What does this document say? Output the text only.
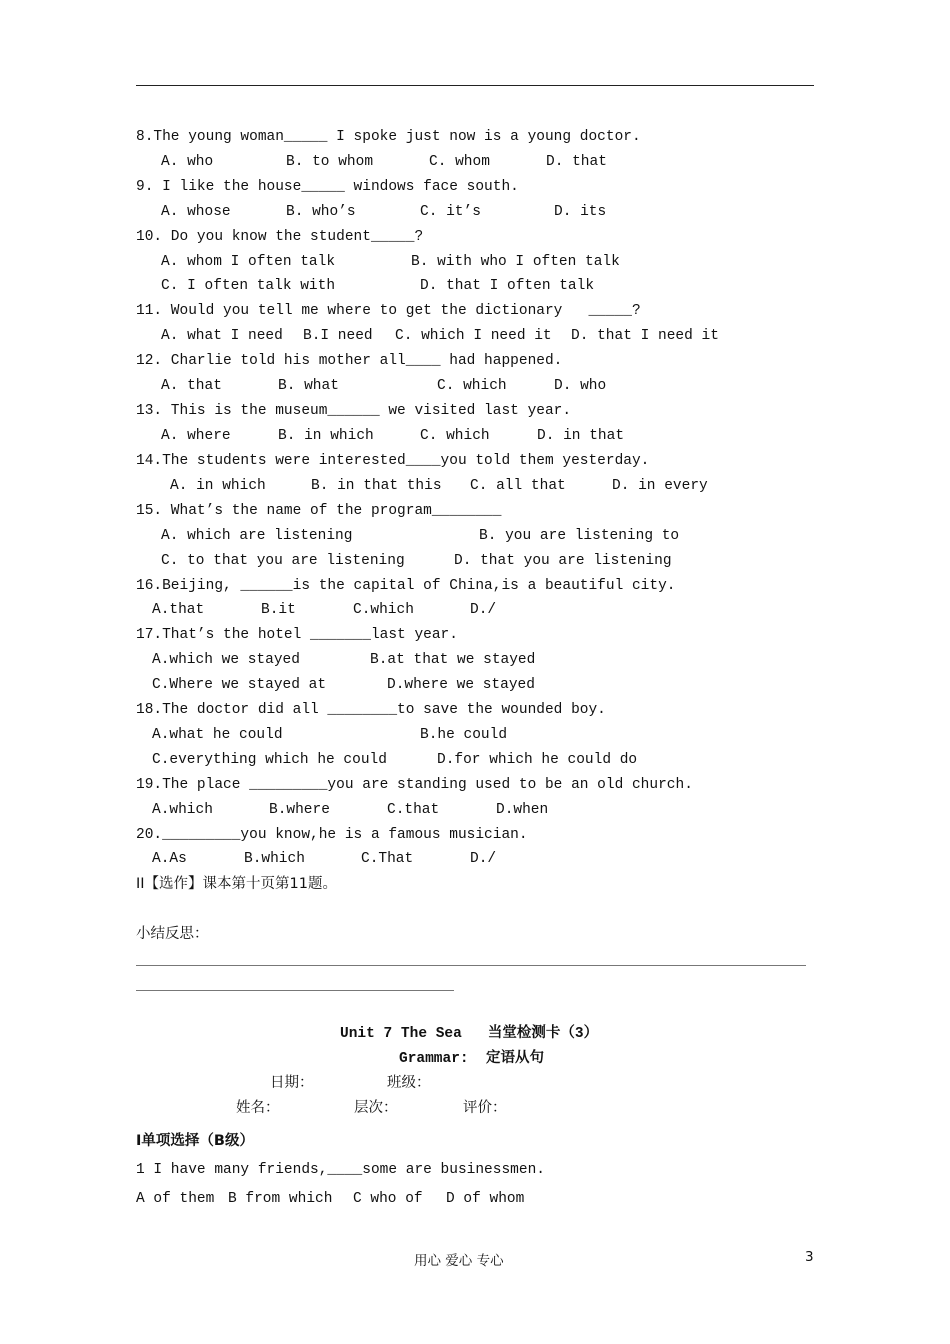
8.The young woman_____ I spoke just now is a young doctor.
A. who	B. to whom	C. whom	D. that
9. I like the house_____ windows face south.
A. whose	B. who’s	C. it’s	D. its
10. Do you know the student_____?
A. whom I often talk	B. with who I often talk
C. I often talk with	D. that I often talk
11. Would you tell me where to get the dictionary   _____?
A. what I need B.I need C. which I need it D. that I need it
12. Charlie told his mother all____ had happened.
A. that	B. what	C. which	D. who
13. This is the museum______ we visited last year.
A. where	B. in which	C. which	D. in that
14.The students were interested____you told them yesterday.
A. in which	B. in that this C. all that	D. in every
15. What’s the name of the program________
A. which are listening	B. you are listening to
C. to that you are listening	D. that you are listening
16.Beijing, ______is the capital of China,is a beautiful city.
A.that	B.it	C.which	D./
17.That’s the hotel _______last year.
A.which we stayed	B.at that we stayed
C.Where we stayed at	D.where we stayed
18.The doctor did all ________to save the wounded boy.
A.what he could	B.he could
C.everything which he could	D.for which he could do
19.The place _________you are standing used to be an old church.
A.which	B.where	C.that	D.when
20._________you know,he is a famous musician.
A.As	B.which	C.That	D./
II【选作】课本第十页第11题。
小结反思：
Unit 7 The Sea   当堂检测卡（3）
Grammar:  定语从句
日期：	班级：
姓名：	层次：	评价：
I单项选择（B级）
1 I have many friends,____some are businessmen.
A of them B from which C who of D of whom
用心 爱心 专心	3
